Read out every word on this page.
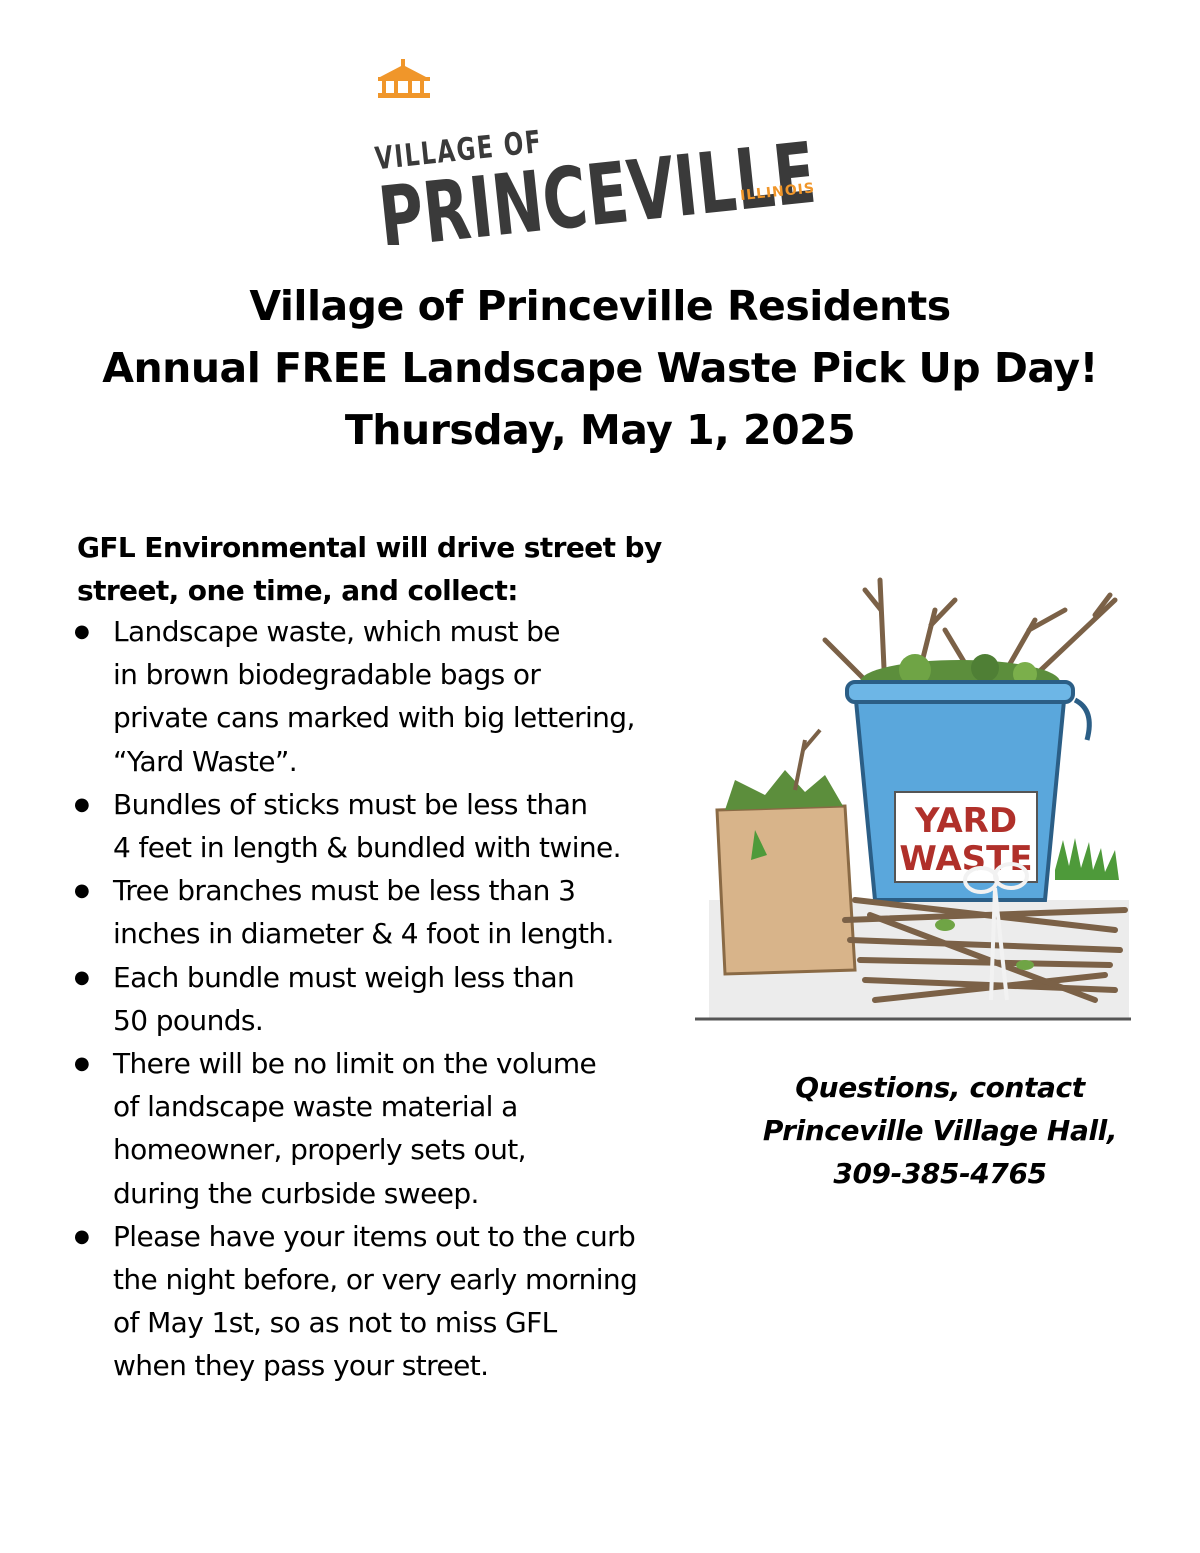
VILLAGE OF
PRINCEVILLE
ILLINOIS
Village of Princeville Residents
Annual FREE Landscape Waste Pick Up Day!
Thursday, May 1, 2025
GFL Environmental will drive street by
street, one time, and collect:
● Landscape waste, which must be
in brown biodegradable bags or
private cans marked with big lettering,
“Yard Waste”.
● Bundles of sticks must be less than
4 feet in length & bundled with twine.
● Tree branches must be less than 3
inches in diameter & 4 foot in length.
● Each bundle must weigh less than
50 pounds.
● There will be no limit on the volume
of landscape waste material a
homeowner, properly sets out,
during the curbside sweep.
● Please have your items out to the curb
the night before, or very early morning
of May 1st, so as not to miss GFL
when they pass your street.
YARD
WASTE
Questions, contact
Princeville Village Hall,
309-385-4765
